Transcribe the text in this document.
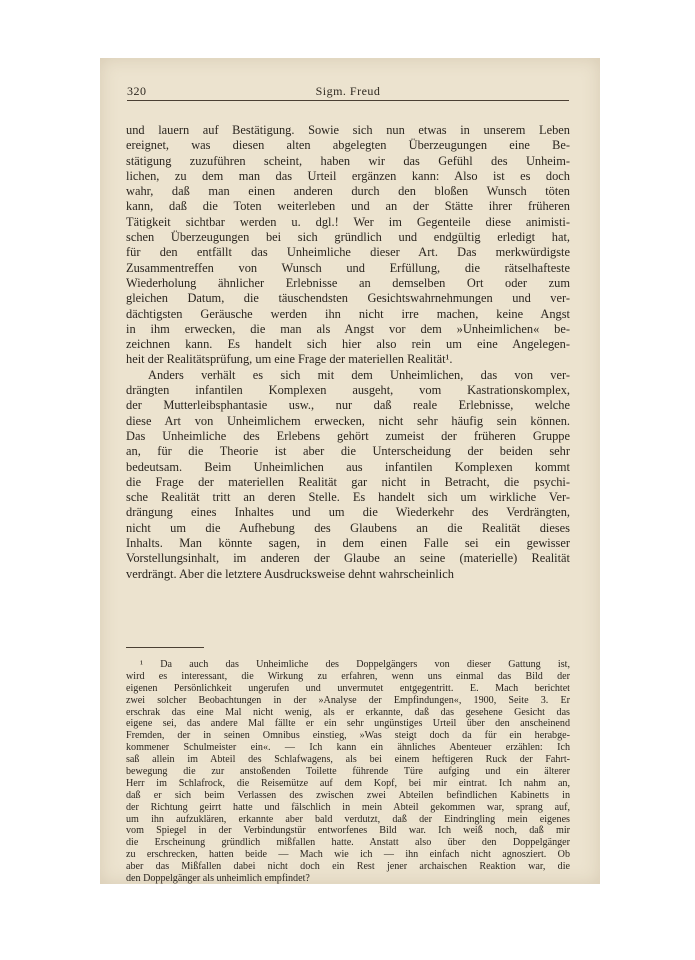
320	Sigm. Freud
und lauern auf Bestätigung. Sowie sich nun etwas in unserem Leben
ereignet, was diesen alten abgelegten Überzeugungen eine Be-
stätigung zuzuführen scheint, haben wir das Gefühl des Unheim-
lichen, zu dem man das Urteil ergänzen kann: Also ist es doch
wahr, daß man einen anderen durch den bloßen Wunsch töten
kann, daß die Toten weiterleben und an der Stätte ihrer früheren
Tätigkeit sichtbar werden u. dgl.! Wer im Gegenteile diese animisti-
schen Überzeugungen bei sich gründlich und endgültig erledigt hat,
für den entfällt das Unheimliche dieser Art. Das merkwürdigste
Zusammentreffen von Wunsch und Erfüllung, die rätselhafteste
Wiederholung ähnlicher Erlebnisse an demselben Ort oder zum
gleichen Datum, die täuschendsten Gesichtswahrnehmungen und ver-
dächtigsten Geräusche werden ihn nicht irre machen, keine Angst
in ihm erwecken, die man als Angst vor dem »Unheimlichen« be-
zeichnen kann. Es handelt sich hier also rein um eine Angelegen-
heit der Realitätsprüfung, um eine Frage der materiellen Realität¹.
Anders verhält es sich mit dem Unheimlichen, das von ver-
drängten infantilen Komplexen ausgeht, vom Kastrationskomplex,
der Mutterleibsphantasie usw., nur daß reale Erlebnisse, welche
diese Art von Unheimlichem erwecken, nicht sehr häufig sein können.
Das Unheimliche des Erlebens gehört zumeist der früheren Gruppe
an, für die Theorie ist aber die Unterscheidung der beiden sehr
bedeutsam. Beim Unheimlichen aus infantilen Komplexen kommt
die Frage der materiellen Realität gar nicht in Betracht, die psychi-
sche Realität tritt an deren Stelle. Es handelt sich um wirkliche Ver-
drängung eines Inhaltes und um die Wiederkehr des Verdrängten,
nicht um die Aufhebung des Glaubens an die Realität dieses
Inhalts. Man könnte sagen, in dem einen Falle sei ein gewisser
Vorstellungsinhalt, im anderen der Glaube an seine (materielle) Realität
verdrängt. Aber die letztere Ausdrucksweise dehnt wahrscheinlich
¹ Da auch das Unheimliche des Doppelgängers von dieser Gattung ist,
wird es interessant, die Wirkung zu erfahren, wenn uns einmal das Bild der
eigenen Persönlichkeit ungerufen und unvermutet entgegentritt. E. Mach berichtet
zwei solcher Beobachtungen in der »Analyse der Empfindungen«, 1900, Seite 3. Er
erschrak das eine Mal nicht wenig, als er erkannte, daß das gesehene Gesicht das
eigene sei, das andere Mal fällte er ein sehr ungünstiges Urteil über den anscheinend
Fremden, der in seinen Omnibus einstieg, »Was steigt doch da für ein herabge-
kommener Schulmeister ein«. — Ich kann ein ähnliches Abenteuer erzählen: Ich
saß allein im Abteil des Schlafwagens, als bei einem heftigeren Ruck der Fahrt-
bewegung die zur anstoßenden Toilette führende Türe aufging und ein älterer
Herr im Schlafrock, die Reisemütze auf dem Kopf, bei mir eintrat. Ich nahm an,
daß er sich beim Verlassen des zwischen zwei Abteilen befindlichen Kabinetts in
der Richtung geirrt hatte und fälschlich in mein Abteil gekommen war, sprang auf,
um ihn aufzuklären, erkannte aber bald verdutzt, daß der Eindringling mein eigenes
vom Spiegel in der Verbindungstür entworfenes Bild war. Ich weiß noch, daß mir
die Erscheinung gründlich mißfallen hatte. Anstatt also über den Doppelgänger
zu erschrecken, hatten beide — Mach wie ich — ihn einfach nicht agnosziert. Ob
aber das Mißfallen dabei nicht doch ein Rest jener archaischen Reaktion war, die
den Doppelgänger als unheimlich empfindet?
